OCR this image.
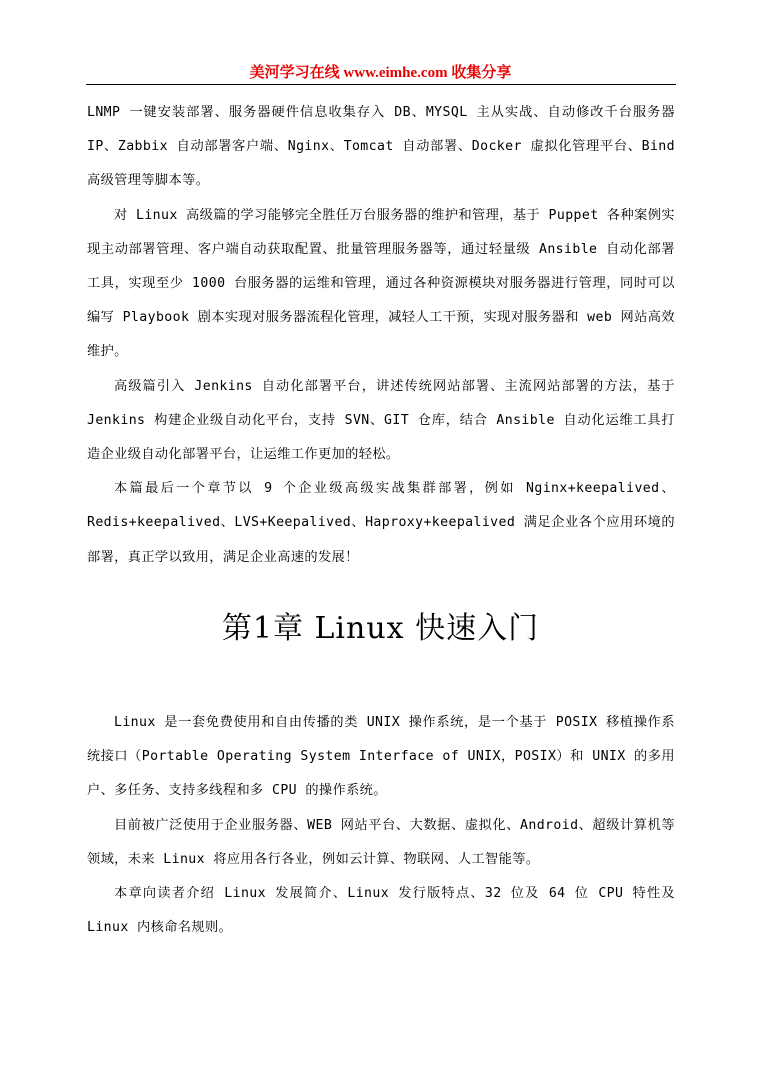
美河学习在线 www.eimhe.com 收集分享

LNMP 一键安装部署、服务器硬件信息收集存入 DB、MYSQL 主从实战、自动修改千台服务器 IP、Zabbix 自动部署客户端、Nginx、Tomcat 自动部署、Docker 虚拟化管理平台、Bind 高级管理等脚本等。

对 Linux 高级篇的学习能够完全胜任万台服务器的维护和管理，基于 Puppet 各种案例实现主动部署管理、客户端自动获取配置、批量管理服务器等，通过轻量级 Ansible 自动化部署工具，实现至少 1000 台服务器的运维和管理，通过各种资源模块对服务器进行管理，同时可以编写 Playbook 剧本实现对服务器流程化管理，减轻人工干预，实现对服务器和 web 网站高效维护。

高级篇引入 Jenkins 自动化部署平台，讲述传统网站部署、主流网站部署的方法，基于 Jenkins 构建企业级自动化平台，支持 SVN、GIT 仓库，结合 Ansible 自动化运维工具打造企业级自动化部署平台，让运维工作更加的轻松。

本篇最后一个章节以 9 个企业级高级实战集群部署，例如 Nginx+keepalived、Redis+keepalived、LVS+Keepalived、Haproxy+keepalived 满足企业各个应用环境的部署，真正学以致用，满足企业高速的发展！

第1章 Linux 快速入门

Linux 是一套免费使用和自由传播的类 UNIX 操作系统，是一个基于 POSIX 移植操作系统接口（Portable Operating System Interface of UNIX，POSIX）和 UNIX 的多用户、多任务、支持多线程和多 CPU 的操作系统。

目前被广泛使用于企业服务器、WEB 网站平台、大数据、虚拟化、Android、超级计算机等领域，未来 Linux 将应用各行各业，例如云计算、物联网、人工智能等。

本章向读者介绍 Linux 发展简介、Linux 发行版特点、32 位及 64 位 CPU 特性及 Linux 内核命名规则。
